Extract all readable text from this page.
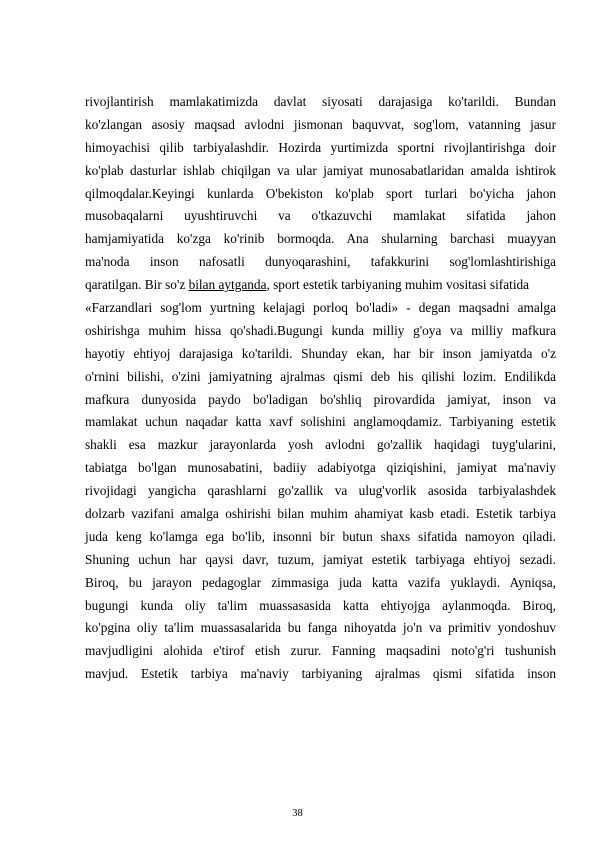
rivojlantirish mamlakatimizda davlat siyosati darajasiga ko'tarildi. Bundan
ko'zlangan asosiy maqsad avlodni jismonan baquvvat, sog'lom, vatanning jasur
himoyachisi qilib tarbiyalashdir. Hozirda yurtimizda sportni rivojlantirishga doir
ko'plab dasturlar ishlab chiqilgan va ular jamiyat munosabatlaridan amalda ishtirok
qilmoqdalar.Keyingi kunlarda O'bekiston ko'plab sport turlari bo'yicha jahon
musobaqalarni uyushtiruvchi va o'tkazuvchi mamlakat sifatida jahon
hamjamiyatida ko'zga ko'rinib bormoqda. Ana shularning barchasi muayyan
ma'noda inson nafosatli dunyoqarashini, tafakkurini sog'lomlashtirishiga
qaratilgan. Bir so'z bilan aytganda, sport estetik tarbiyaning muhim vositasi sifatida
«Farzandlari sog'lom yurtning kelajagi porloq bo'ladi» - degan maqsadni amalga
oshirishga muhim hissa qo'shadi.Bugungi kunda milliy g'oya va milliy mafkura
hayotiy ehtiyoj darajasiga ko'tarildi. Shunday ekan, har bir inson jamiyatda o'z
o'rnini bilishi, o'zini jamiyatning ajralmas qismi deb his qilishi lozim. Endilikda
mafkura dunyosida paydo bo'ladigan bo'shliq pirovardida jamiyat, inson va
mamlakat uchun naqadar katta xavf solishini anglamoqdamiz. Tarbiyaning estetik
shakli esa mazkur jarayonlarda yosh avlodni go'zallik haqidagi tuyg'ularini,
tabiatga bo'lgan munosabatini, badiiy adabiyotga qiziqishini, jamiyat ma'naviy
rivojidagi yangicha qarashlarni go'zallik va ulug'vorlik asosida tarbiyalashdek
dolzarb vazifani amalga oshirishi bilan muhim ahamiyat kasb etadi. Estetik tarbiya
juda keng ko'lamga ega bo'lib, insonni bir butun shaxs sifatida namoyon qiladi.
Shuning uchun har qaysi davr, tuzum, jamiyat estetik tarbiyaga ehtiyoj sezadi.
Biroq, bu jarayon pedagoglar zimmasiga juda katta vazifa yuklaydi. Ayniqsa,
bugungi kunda oliy ta'lim muassasasida katta ehtiyojga aylanmoqda. Biroq,
ko'pgina oliy ta'lim muassasalarida bu fanga nihoyatda jo'n va primitiv yondoshuv
mavjudligini alohida e'tirof etish zurur. Fanning maqsadini noto'g'ri tushunish
mavjud. Estetik tarbiya ma'naviy tarbiyaning ajralmas qismi sifatida inson
38
